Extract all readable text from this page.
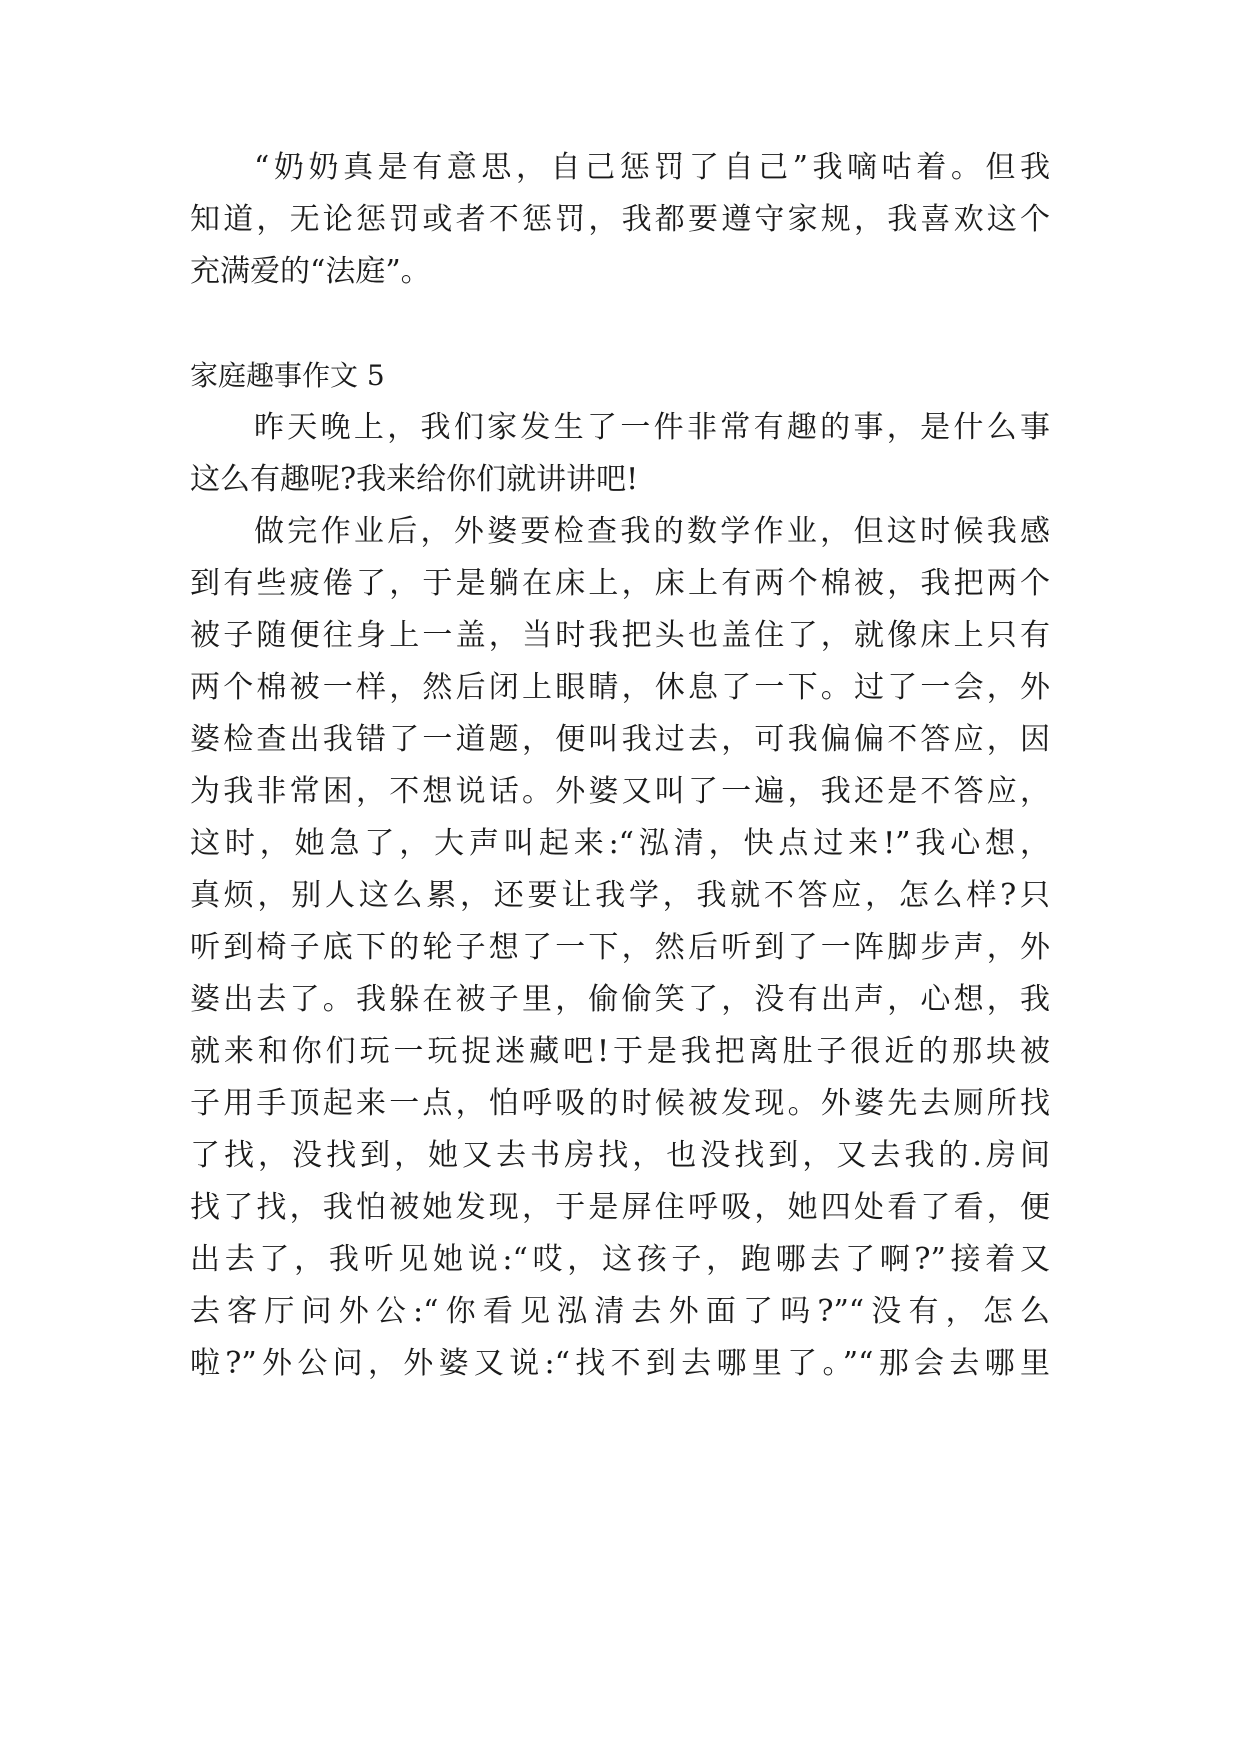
“奶奶真是有意思，自己惩罚了自己”我嘀咕着。但我
知道，无论惩罚或者不惩罚，我都要遵守家规，我喜欢这个
充满爱的“法庭”。
家庭趣事作文 5
昨天晚上，我们家发生了一件非常有趣的事，是什么事
这么有趣呢?我来给你们就讲讲吧!
做完作业后，外婆要检查我的数学作业，但这时候我感
到有些疲倦了，于是躺在床上，床上有两个棉被，我把两个
被子随便往身上一盖，当时我把头也盖住了，就像床上只有
两个棉被一样，然后闭上眼睛，休息了一下。过了一会，外
婆检查出我错了一道题，便叫我过去，可我偏偏不答应，因
为我非常困，不想说话。外婆又叫了一遍，我还是不答应，
这时，她急了，大声叫起来:“泓清，快点过来!”我心想，
真烦，别人这么累，还要让我学，我就不答应，怎么样?只
听到椅子底下的轮子想了一下，然后听到了一阵脚步声，外
婆出去了。我躲在被子里，偷偷笑了，没有出声，心想，我
就来和你们玩一玩捉迷藏吧!于是我把离肚子很近的那块被
子用手顶起来一点，怕呼吸的时候被发现。外婆先去厕所找
了找，没找到，她又去书房找，也没找到，又去我的.房间
找了找，我怕被她发现，于是屏住呼吸，她四处看了看，便
出去了，我听见她说:“哎，这孩子，跑哪去了啊?”接着又
去客厅问外公:“你看见泓清去外面了吗?”“没有，怎么
啦?”外公问，外婆又说:“找不到去哪里了。”“那会去哪里
